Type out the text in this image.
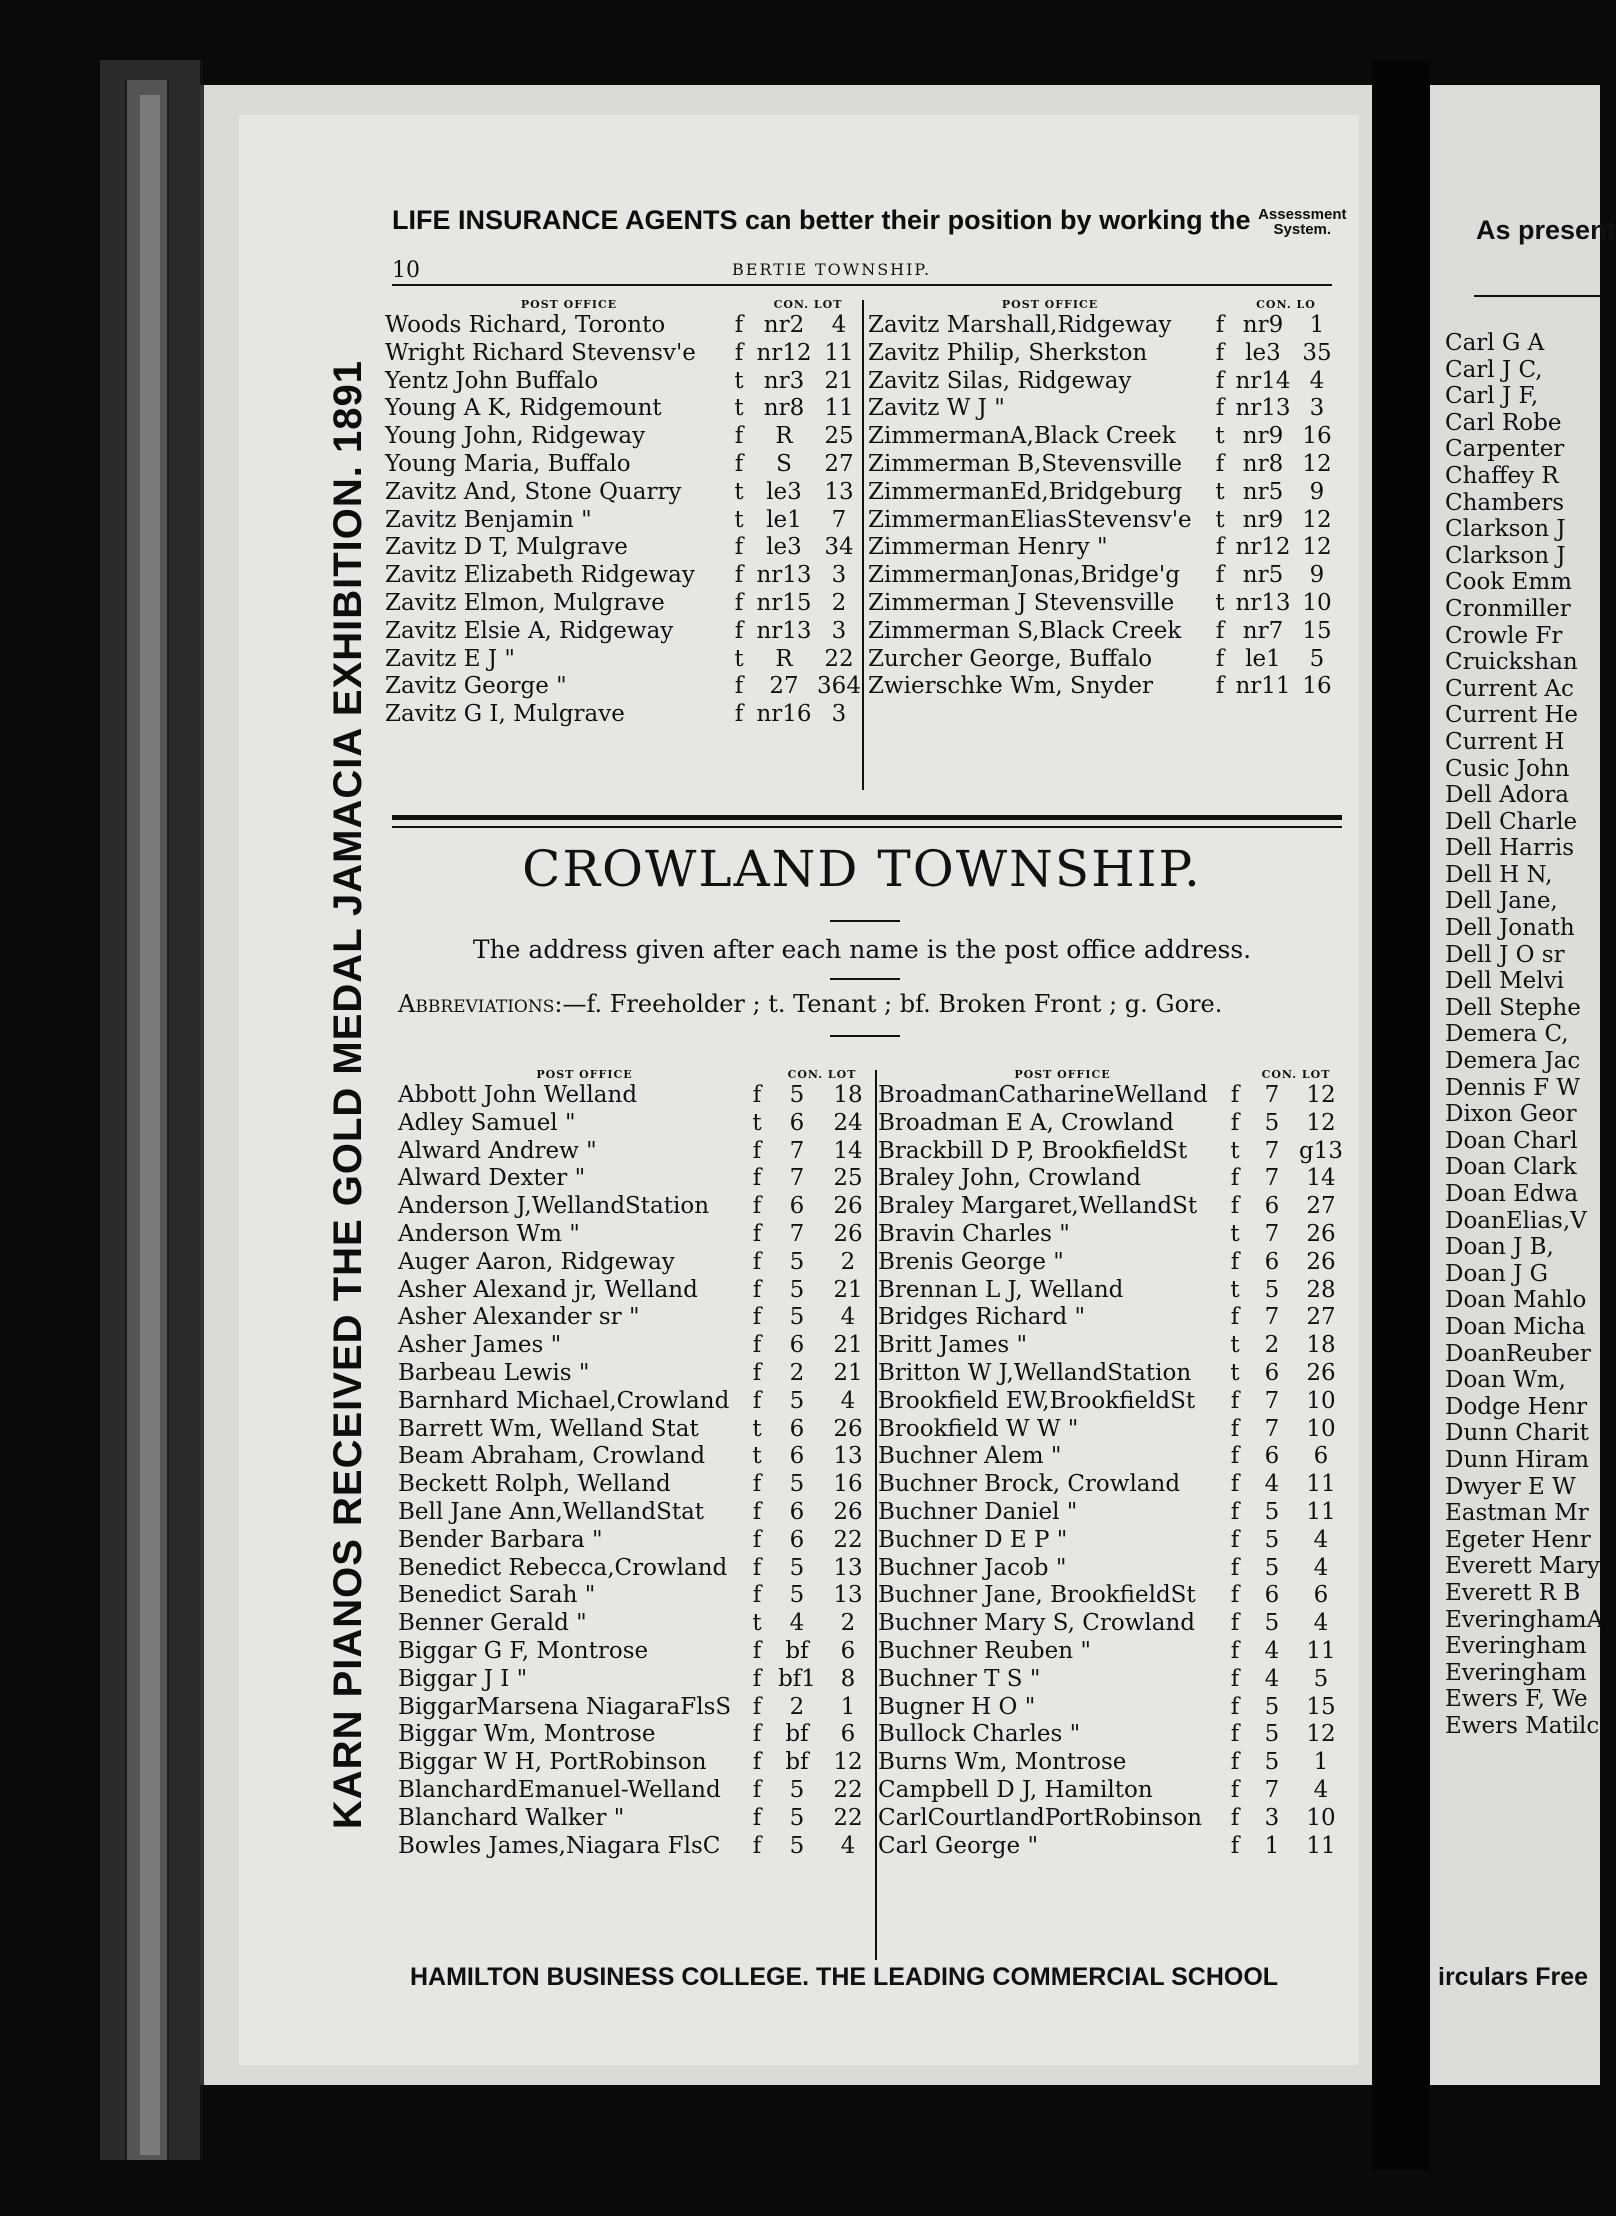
KARN PIANOS RECEIVED THE GOLD MEDAL JAMACIA EXHIBITION. 1891
LIFE INSURANCE AGENTS can better their position by working the Assessment
System.
10	BERTIE TOWNSHIP.
POST OFFICE	CON. LOT
Woods Richard, Toronto	f nr2	4
Wright Richard Stevensv'e	f nr12 11
Yentz John Buffalo	t nr3 21
Young A K, Ridgemount	t nr8 11
Young John, Ridgeway	f	R	25
Young Maria, Buffalo	f	S	27
Zavitz And, Stone Quarry	t le3 13
Zavitz Benjamin "	t le1	7
Zavitz D T, Mulgrave	f le3 34
Zavitz Elizabeth Ridgeway	f nr13 3
Zavitz Elmon, Mulgrave	f nr15 2
Zavitz Elsie A, Ridgeway	f nr13 3
Zavitz E J "	t	R	22
Zavitz George "	f	27 364
Zavitz G I, Mulgrave	f nr16 3
POST OFFICE	CON. LO
Zavitz Marshall,Ridgeway	f nr9	1
Zavitz Philip, Sherkston	f le3 35
Zavitz Silas, Ridgeway	f nr14 4
Zavitz W J "	f nr13 3
ZimmermanA,Black Creek	t nr9 16
Zimmerman B,Stevensville	f nr8 12
ZimmermanEd,Bridgeburg	t nr5	9
ZimmermanEliasStevensv'e	t nr9 12
Zimmerman Henry "	f nr12 12
ZimmermanJonas,Bridge'g	f nr5	9
Zimmerman J Stevensville	t nr13 10
Zimmerman S,Black Creek	f nr7 15
Zurcher George, Buffalo	f le1	5
Zwierschke Wm, Snyder	f nr11 16
CROWLAND TOWNSHIP.
The address given after each name is the post office address.
Abbreviations:—f. Freeholder ; t. Tenant ; bf. Broken Front ; g. Gore.
POST OFFICE	CON. LOT
Abbott John Welland	f	5	18
Adley Samuel "	t	6	24
Alward Andrew "	f	7	14
Alward Dexter "	f	7	25
Anderson J,WellandStation	f	6	26
Anderson Wm "	f	7	26
Auger Aaron, Ridgeway	f	5	2
Asher Alexand jr, Welland	f	5	21
Asher Alexander sr "	f	5	4
Asher James "	f	6	21
Barbeau Lewis "	f	2	21
Barnhard Michael,Crowland	f	5	4
Barrett Wm, Welland Stat	t	6	26
Beam Abraham, Crowland	t	6	13
Beckett Rolph, Welland	f	5	16
Bell Jane Ann,WellandStat	f	6	26
Bender Barbara "	f	6	22
Benedict Rebecca,Crowland	f	5	13
Benedict Sarah "	f	5	13
Benner Gerald "	t	4	2
Biggar G F, Montrose	f	bf	6
Biggar J I "	f bf1	8
BiggarMarsena NiagaraFlsS f	2	1
Biggar Wm, Montrose	f	bf	6
Biggar W H, PortRobinson	f	bf	12
BlanchardEmanuel-Welland	f	5	22
Blanchard Walker "	f	5	22
Bowles James,Niagara FlsC	f	5	4
POST OFFICE	CON. LOT
BroadmanCatharineWelland	f	7	12
Broadman E A, Crowland	f	5	12
Brackbill D P, BrookfieldSt	t	7 g13
Braley John, Crowland	f	7	14
Braley Margaret,WellandSt	f	6	27
Bravin Charles "	t	7	26
Brenis George "	f	6	26
Brennan L J, Welland	t	5	28
Bridges Richard "	f	7	27
Britt James "	t	2	18
Britton W J,WellandStation	t	6	26
Brookfield EW,BrookfieldSt	f	7	10
Brookfield W W "	f	7	10
Buchner Alem "	f	6	6
Buchner Brock, Crowland	f	4	11
Buchner Daniel "	f	5	11
Buchner D E P "	f	5	4
Buchner Jacob "	f	5	4
Buchner Jane, BrookfieldSt	f	6	6
Buchner Mary S, Crowland	f	5	4
Buchner Reuben "	f	4	11
Buchner T S "	f	4	5
Bugner H O "	f	5	15
Bullock Charles "	f	5	12
Burns Wm, Montrose	f	5	1
Campbell D J, Hamilton	f	7	4
CarlCourtlandPortRobinson	f	3	10
Carl George "	f	1	11
HAMILTON BUSINESS COLLEGE. THE LEADING COMMERCIAL SCHOOL
As present
Carl G A
Carl J C,
Carl J F,
Carl Robe
Carpenter
Chaffey R
Chambers
Clarkson J
Clarkson J
Cook Emm
Cronmiller
Crowle Fr
Cruickshan
Current Ac
Current He
Current H
Cusic John
Dell Adora
Dell Charle
Dell Harris
Dell H N,
Dell Jane,
Dell Jonath
Dell J O sr
Dell Melvi
Dell Stephe
Demera C,
Demera Jac
Dennis F W
Dixon Geor
Doan Charl
Doan Clark
Doan Edwa
DoanElias,V
Doan J B,
Doan J G
Doan Mahlo
Doan Micha
DoanReuber
Doan Wm,
Dodge Henr
Dunn Charit
Dunn Hiram
Dwyer E W
Eastman Mr
Egeter Henr
Everett Mary
Everett R B
EveringhamA
Everingham
Everingham
Ewers F, We
Ewers Matilc
irculars Free
